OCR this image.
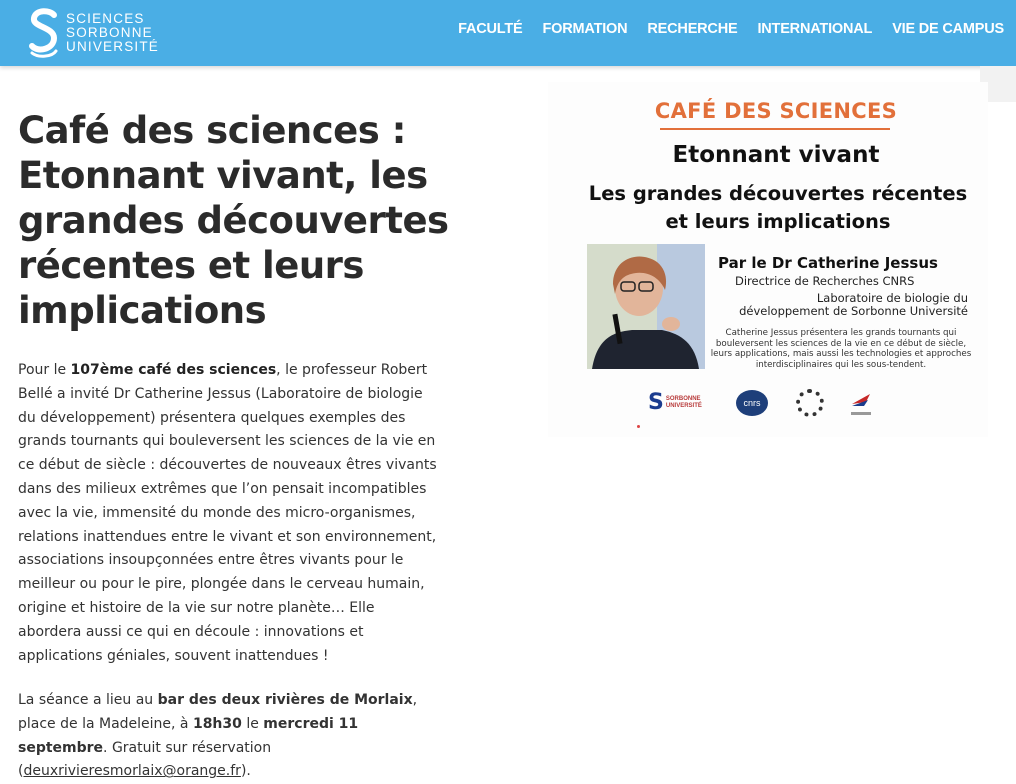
SCIENCES
SORBONNE
UNIVERSITÉ
FACULTÉ FORMATION RECHERCHE INTERNATIONAL VIE DE CAMPUS
Café des sciences : Etonnant vivant, les grandes découvertes récentes et leurs implications

Pour le 107ème café des sciences, le professeur Robert Bellé a invité Dr Catherine Jessus (Laboratoire de biologie du développement) présentera quelques exemples des grands tournants qui bouleversent les sciences de la vie en ce début de siècle : découvertes de nouveaux êtres vivants dans des milieux extrêmes que l’on pensait incompatibles avec la vie, immensité du monde des micro-organismes, relations inattendues entre le vivant et son environnement, associations insoupçonnées entre êtres vivants pour le meilleur ou pour le pire, plongée dans le cerveau humain, origine et histoire de la vie sur notre planète… Elle abordera aussi ce qui en découle : innovations et applications géniales, souvent inattendues !

La séance a lieu au bar des deux rivières de Morlaix, place de la Madeleine, à 18h30 le mercredi 11 septembre. Gratuit sur réservation (deuxrivieresmorlaix@orange.fr).

CAFÉ DES SCIENCES
Etonnant vivant
Les grandes découvertes récentes
et leurs implications
Par le Dr Catherine Jessus
Directrice de Recherches CNRS
Laboratoire de biologie du
développement de Sorbonne Université
Catherine Jessus présentera les grands tournants qui bouleversent les sciences de la vie en ce début de siècle, leurs applications, mais aussi les technologies et approches interdisciplinaires qui les sous-tendent.
S SORBONNE
UNIVERSITÉ	cnrs
